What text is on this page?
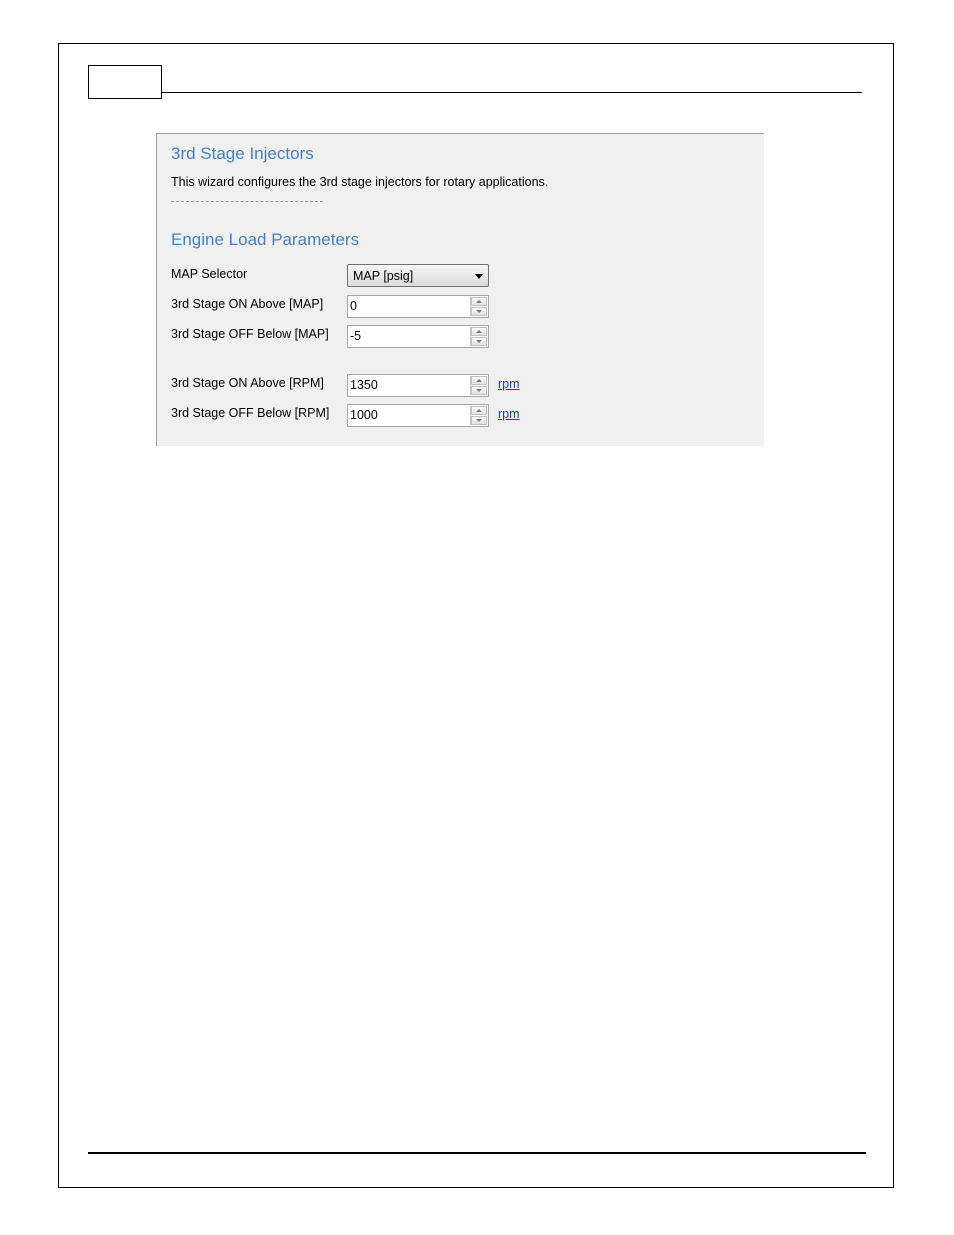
3rd Stage Injectors
This wizard configures the 3rd stage injectors for rotary applications.
Engine Load Parameters
MAP Selector	MAP [psig]
3rd Stage ON Above [MAP] 0
3rd Stage OFF Below [MAP] -5
3rd Stage ON Above [RPM] 1350	rpm
3rd Stage OFF Below [RPM] 1000	rpm
